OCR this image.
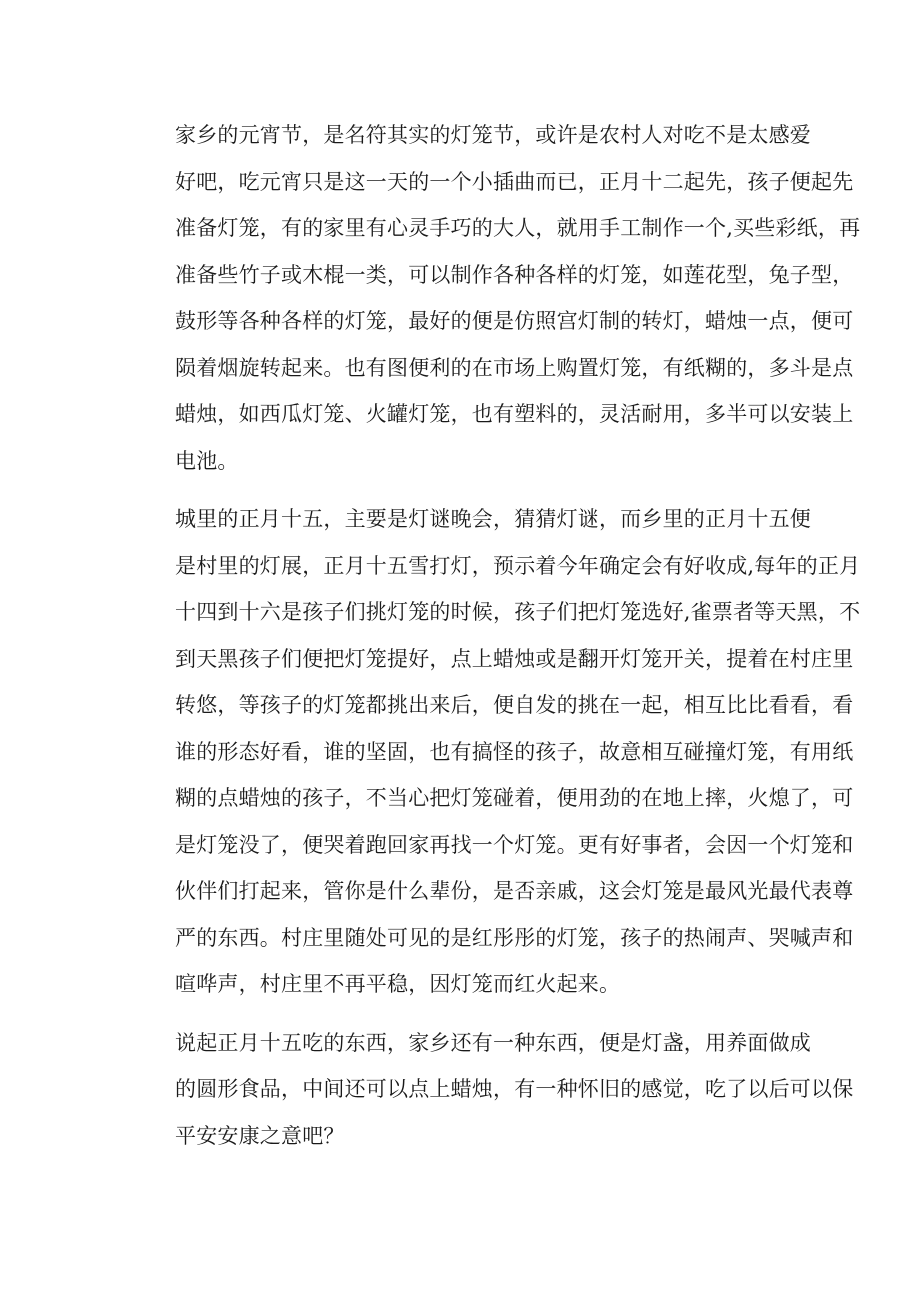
家乡的元宵节，是名符其实的灯笼节，或许是农村人对吃不是太感爱
好吧，吃元宵只是这一天的一个小插曲而已，正月十二起先，孩子便起先
准备灯笼，有的家里有心灵手巧的大人，就用手工制作一个,买些彩纸，再
准备些竹子或木棍一类，可以制作各种各样的灯笼，如莲花型，兔子型，
鼓形等各种各样的灯笼，最好的便是仿照宫灯制的转灯，蜡烛一点，便可
陨着烟旋转起来。也有图便利的在市场上购置灯笼，有纸糊的，多斗是点
蜡烛，如西瓜灯笼、火罐灯笼，也有塑料的，灵活耐用，多半可以安装上
电池。

城里的正月十五，主要是灯谜晚会，猜猜灯谜，而乡里的正月十五便
是村里的灯展，正月十五雪打灯，预示着今年确定会有好收成,每年的正月
十四到十六是孩子们挑灯笼的时候，孩子们把灯笼选好,雀票者等天黑，不
到天黑孩子们便把灯笼提好，点上蜡烛或是翻开灯笼开关，提着在村庄里
转悠，等孩子的灯笼都挑出来后，便自发的挑在一起，相互比比看看，看
谁的形态好看，谁的坚固，也有搞怪的孩子，故意相互碰撞灯笼，有用纸
糊的点蜡烛的孩子，不当心把灯笼碰着，便用劲的在地上摔，火熄了，可
是灯笼没了，便哭着跑回家再找一个灯笼。更有好事者，会因一个灯笼和
伙伴们打起来，管你是什么辈份，是否亲戚，这会灯笼是最风光最代表尊
严的东西。村庄里随处可见的是红彤彤的灯笼，孩子的热闹声、哭喊声和
喧哗声，村庄里不再平稳，因灯笼而红火起来。

说起正月十五吃的东西，家乡还有一种东西，便是灯盏，用养面做成
的圆形食品，中间还可以点上蜡烛，有一种怀旧的感觉，吃了以后可以保
平安安康之意吧？
